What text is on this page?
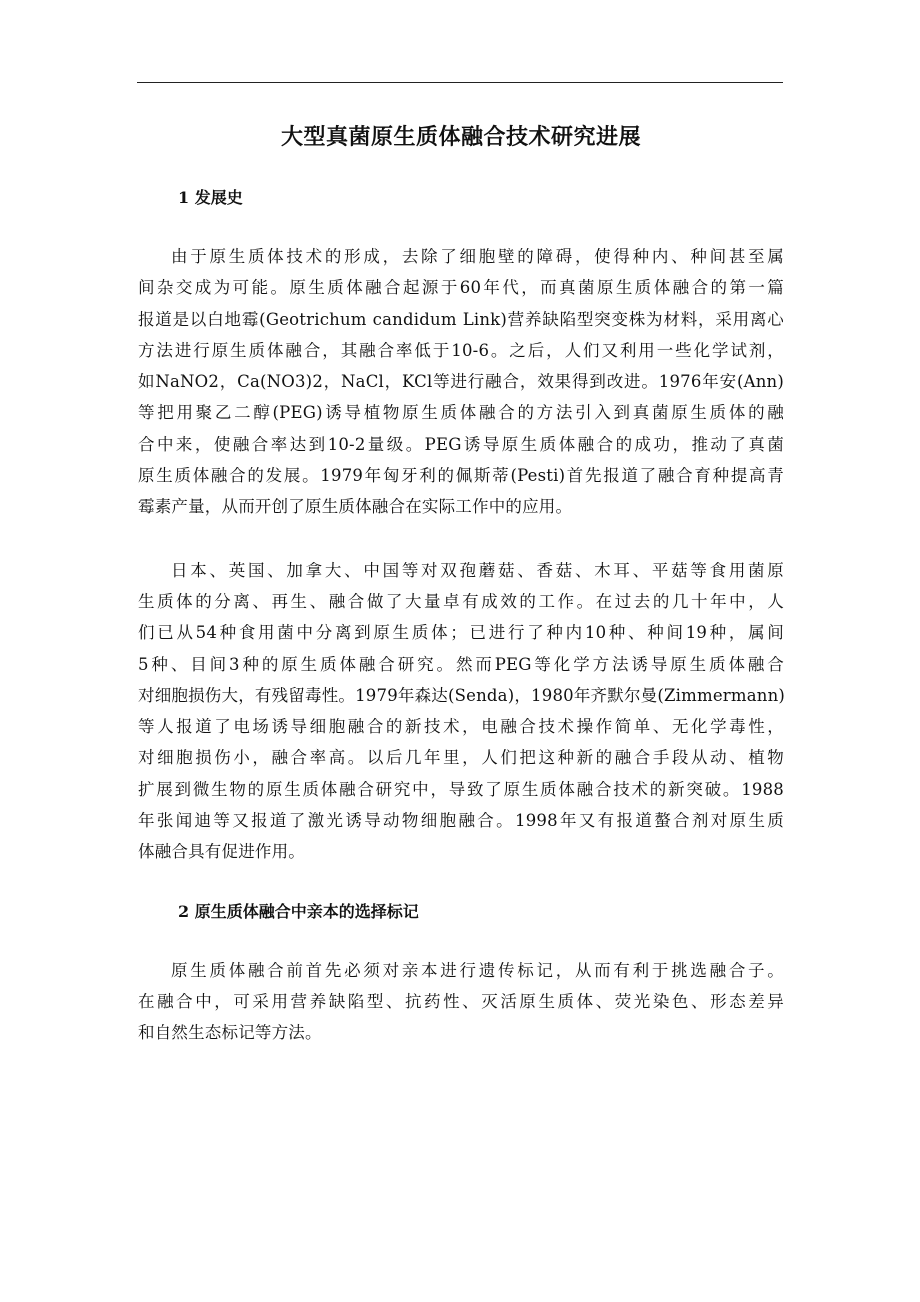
大型真菌原生质体融合技术研究进展
1 发展史

由于原生质体技术的形成，去除了细胞壁的障碍，使得种内、种间甚至属
间杂交成为可能。原生质体融合起源于60年代，而真菌原生质体融合的第一篇
报道是以白地霉(Geotrichum candidum Link)营养缺陷型突变株为材料，采用离心
方法进行原生质体融合，其融合率低于10-6。之后，人们又利用一些化学试剂，
如NaNO2，Ca(NO3)2，NaCl，KCl等进行融合，效果得到改进。1976年安(Ann)
等把用聚乙二醇(PEG)诱导植物原生质体融合的方法引入到真菌原生质体的融
合中来，使融合率达到10-2量级。PEG诱导原生质体融合的成功，推动了真菌
原生质体融合的发展。1979年匈牙利的佩斯蒂(Pesti)首先报道了融合育种提高青
霉素产量，从而开创了原生质体融合在实际工作中的应用。

日本、英国、加拿大、中国等对双孢蘑菇、香菇、木耳、平菇等食用菌原
生质体的分离、再生、融合做了大量卓有成效的工作。在过去的几十年中，人
们已从54种食用菌中分离到原生质体；已进行了种内10种、种间19种，属间
5种、目间3种的原生质体融合研究。然而PEG等化学方法诱导原生质体融合
对细胞损伤大，有残留毒性。1979年森达(Senda)，1980年齐默尔曼(Zimmermann)
等人报道了电场诱导细胞融合的新技术，电融合技术操作简单、无化学毒性，
对细胞损伤小，融合率高。以后几年里，人们把这种新的融合手段从动、植物
扩展到微生物的原生质体融合研究中，导致了原生质体融合技术的新突破。1988
年张闻迪等又报道了激光诱导动物细胞融合。1998年又有报道螯合剂对原生质
体融合具有促进作用。

2 原生质体融合中亲本的选择标记

原生质体融合前首先必须对亲本进行遗传标记，从而有利于挑选融合子。
在融合中，可采用营养缺陷型、抗药性、灭活原生质体、荧光染色、形态差异
和自然生态标记等方法。
